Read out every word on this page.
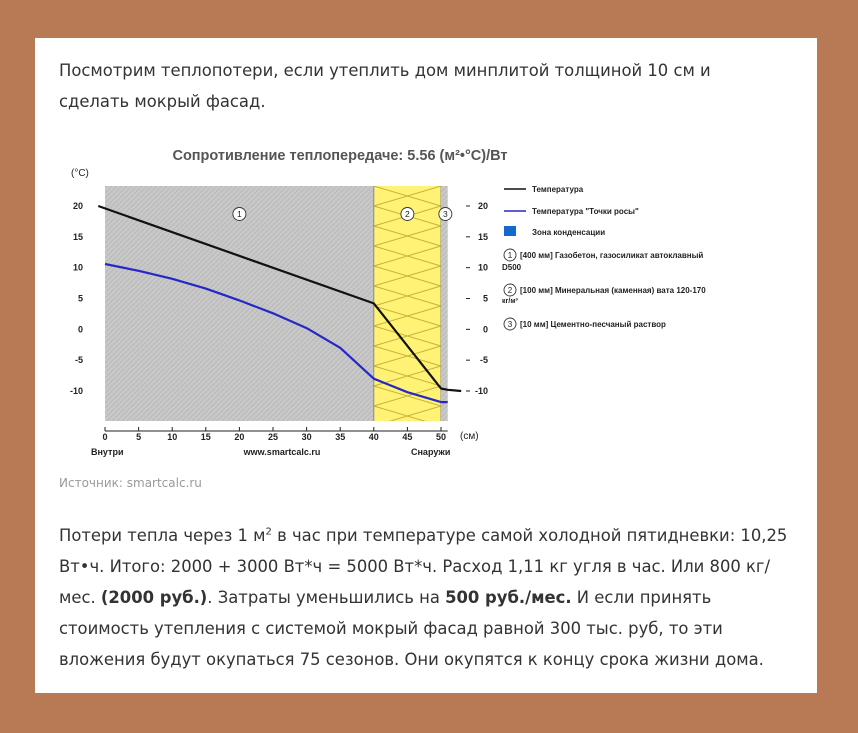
Посмотрим теплопотери, если утеплить дом минплитой толщиной 10 см и сделать мокрый фасад.
Сопротивление теплопередаче: 5.56 (м²•°С)/Вт
(°С)
(см)
1	2	3
0	5	10	15	20	25	30	35	40	45	50
20	20
15	15
10	10
5	5
0	0
-5	-5
-10	-10
Внутри	www.smartcalc.ru	Снаружи
Температура
Температура "Точки росы"
Зона конденсации
1 [400 мм] Газобетон, газосиликат автоклавный
D500
2 [100 мм] Минеральная (каменная) вата 120-170
кг/м³
3 [10 мм] Цементно-песчаный раствор
Источник: smartcalc.ru
Потери тепла через 1 $м^2$ в час при температуре самой холодной пятидневки: 10,25 Вт•ч. Итого: 2000 + 3000 Вт*ч = 5000 Вт*ч. Расход 1,11 кг угля в час. Или 800 кг/мес. (2000 руб.). Затраты уменьшились на 500 руб./мес. И если принять стоимость утепления с системой мокрый фасад равной 300 тыс. руб, то эти вложения будут окупаться 75 сезонов. Они окупятся к концу срока жизни дома.
